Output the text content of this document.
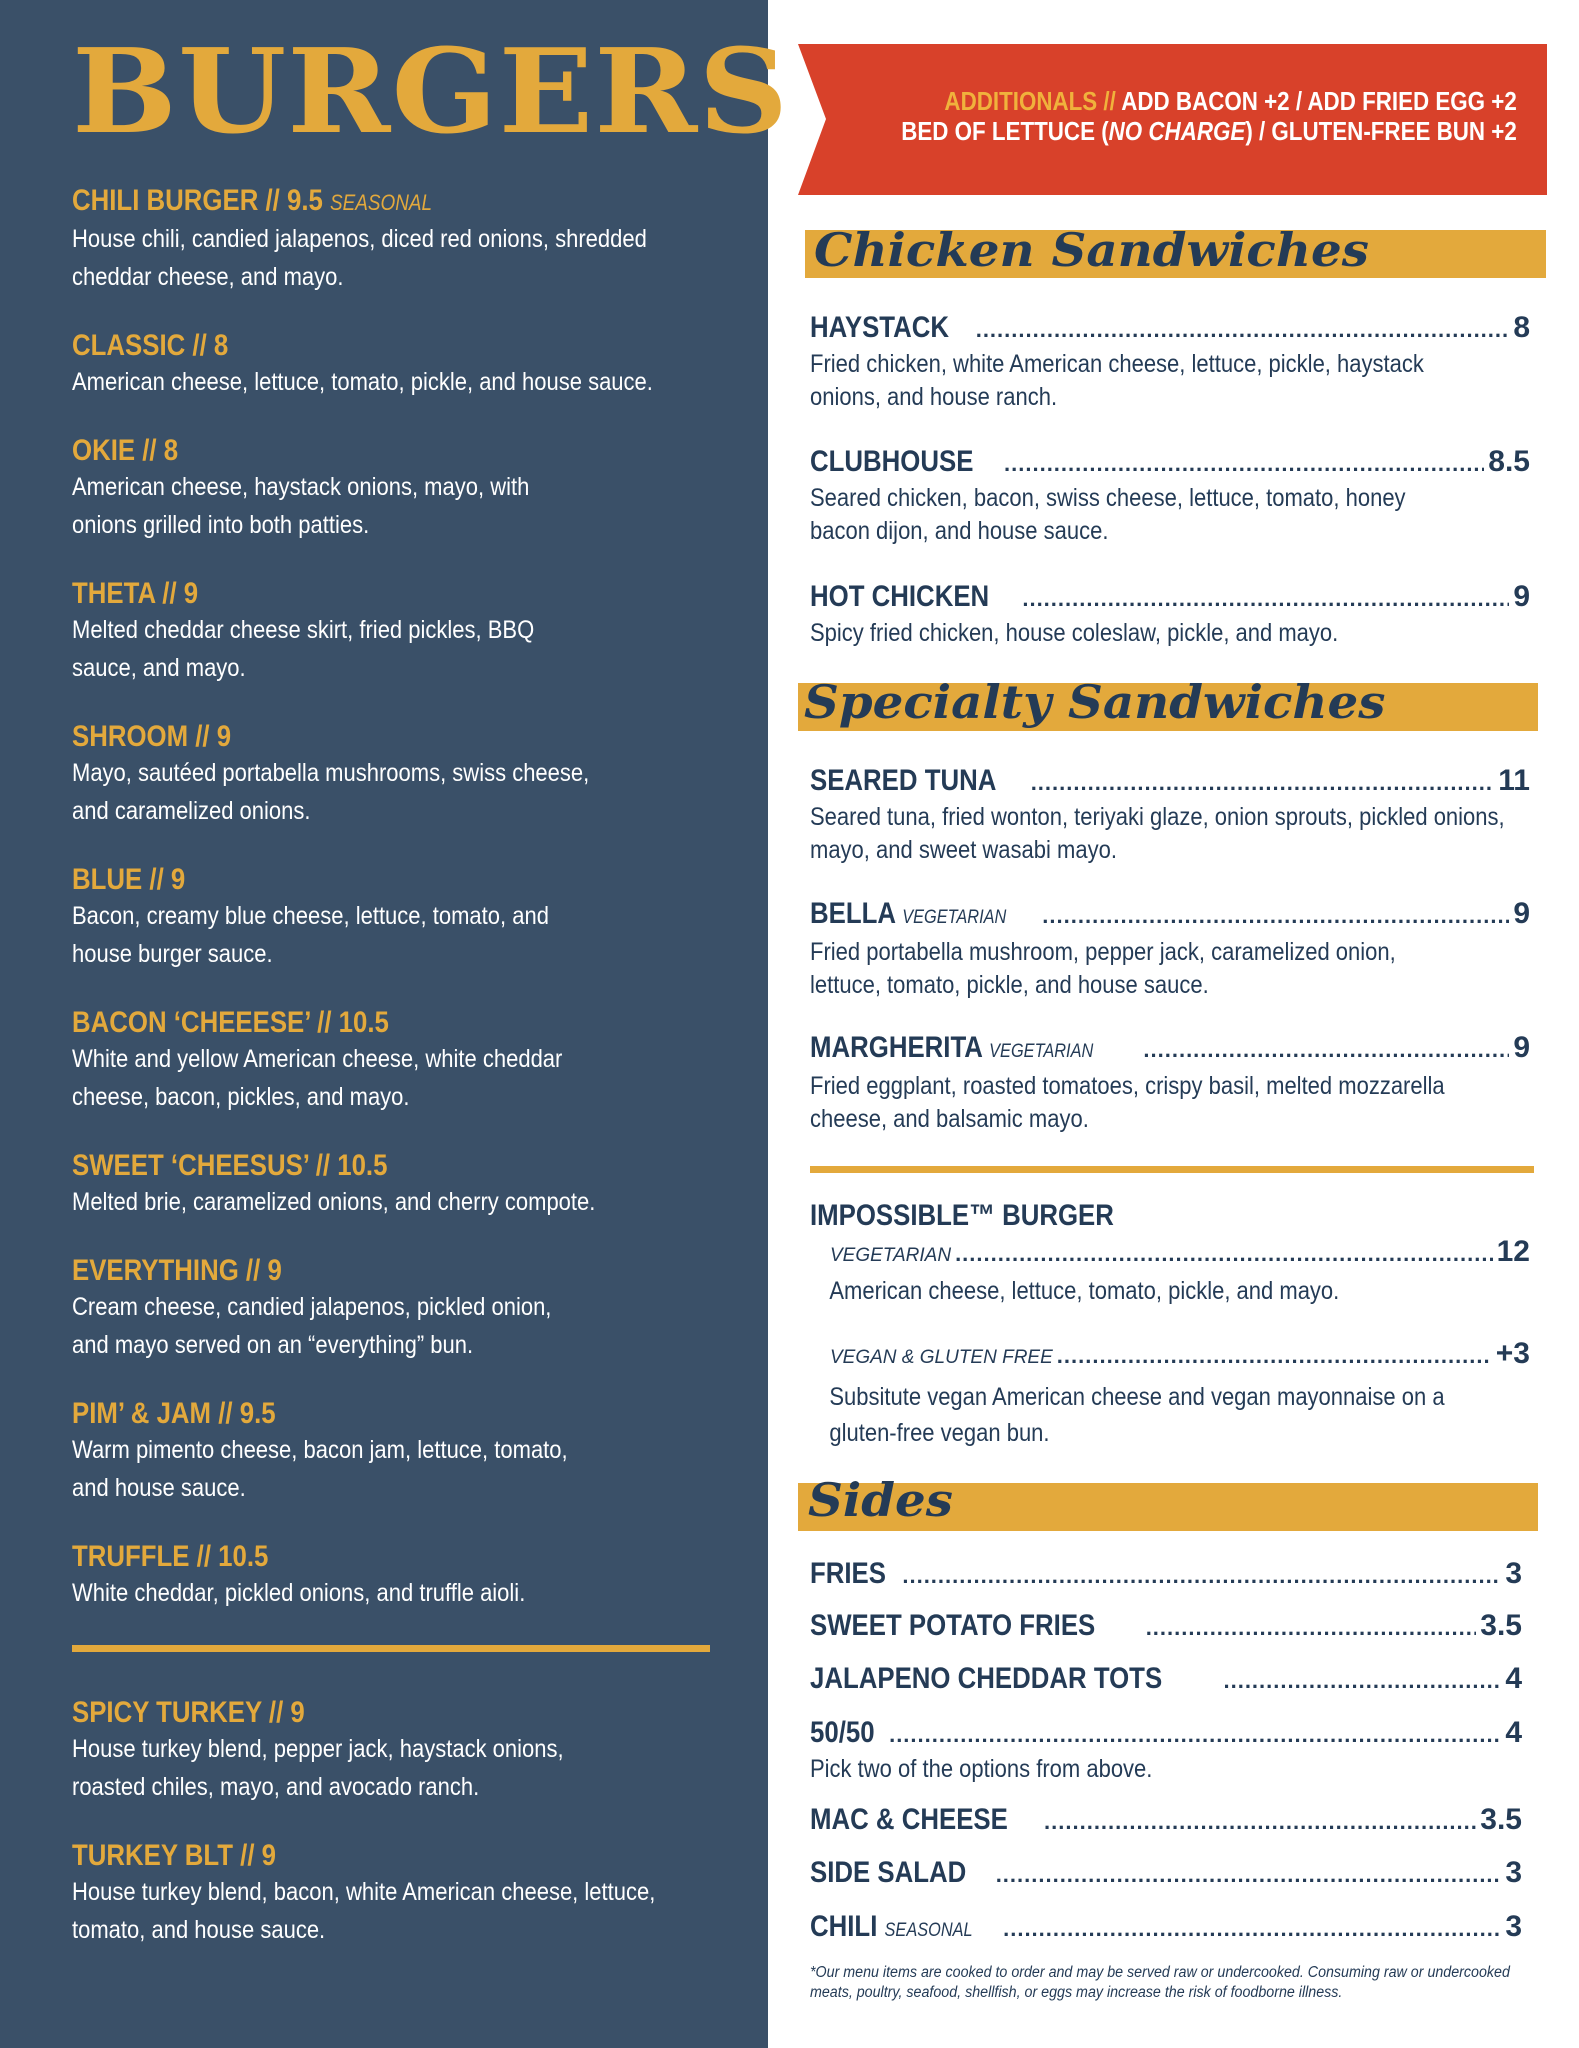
BURGERS
CHILI BURGER // 9.5 SEASONAL
House chili, candied jalapenos, diced red onions, shredded cheddar cheese, and mayo.
CLASSIC // 8
American cheese, lettuce, tomato, pickle, and house sauce.
OKIE // 8
American cheese, haystack onions, mayo, with onions grilled into both patties.
THETA // 9
Melted cheddar cheese skirt, fried pickles, BBQ sauce, and mayo.
SHROOM // 9
Mayo, sautéed portabella mushrooms, swiss cheese, and caramelized onions.
BLUE // 9
Bacon, creamy blue cheese, lettuce, tomato, and house burger sauce.
BACON ‘CHEEESE’ // 10.5
White and yellow American cheese, white cheddar cheese, bacon, pickles, and mayo.
SWEET ‘CHEESUS’ // 10.5
Melted brie, caramelized onions, and cherry compote.
EVERYTHING // 9
Cream cheese, candied jalapenos, pickled onion, and mayo served on an “everything” bun.
PIM’ & JAM // 9.5
Warm pimento cheese, bacon jam, lettuce, tomato, and house sauce.
TRUFFLE // 10.5
White cheddar, pickled onions, and truffle aioli.
SPICY TURKEY // 9
House turkey blend, pepper jack, haystack onions, roasted chiles, mayo, and avocado ranch.
TURKEY BLT // 9
House turkey blend, bacon, white American cheese, lettuce, tomato, and house sauce.
ADDITIONALS // ADD BACON +2 / ADD FRIED EGG +2
BED OF LETTUCE (NO CHARGE) / GLUTEN-FREE BUN +2
Chicken Sandwiches
HAYSTACK .....	8
Fried chicken, white American cheese, lettuce, pickle, haystack onions, and house ranch.
CLUBHOUSE .....	8.5
Seared chicken, bacon, swiss cheese, lettuce, tomato, honey bacon dijon, and house sauce.
HOT CHICKEN .....	9
Spicy fried chicken, house coleslaw, pickle, and mayo.
Specialty Sandwiches
SEARED TUNA .....	11
Seared tuna, fried wonton, teriyaki glaze, onion sprouts, pickled onions, mayo, and sweet wasabi mayo.
BELLA VEGETARIAN .....	9
Fried portabella mushroom, pepper jack, caramelized onion, lettuce, tomato, pickle, and house sauce.
MARGHERITA VEGETARIAN .....	9
Fried eggplant, roasted tomatoes, crispy basil, melted mozzarella cheese, and balsamic mayo.
IMPOSSIBLE™ BURGER
VEGETARIAN .....	12
American cheese, lettuce, tomato, pickle, and mayo.
VEGAN & GLUTEN FREE .....	+3
Subsitute vegan American cheese and vegan mayonnaise on a gluten-free vegan bun.
Sides
FRIES .....	3
SWEET POTATO FRIES .....	3.5
JALAPENO CHEDDAR TOTS .....	4
50/50 .....	4
Pick two of the options from above.
MAC & CHEESE .....	3.5
SIDE SALAD .....	3
CHILI SEASONAL .....	3
*Our menu items are cooked to order and may be served raw or undercooked. Consuming raw or undercooked meats, poultry, seafood, shellfish, or eggs may increase the risk of foodborne illness.
